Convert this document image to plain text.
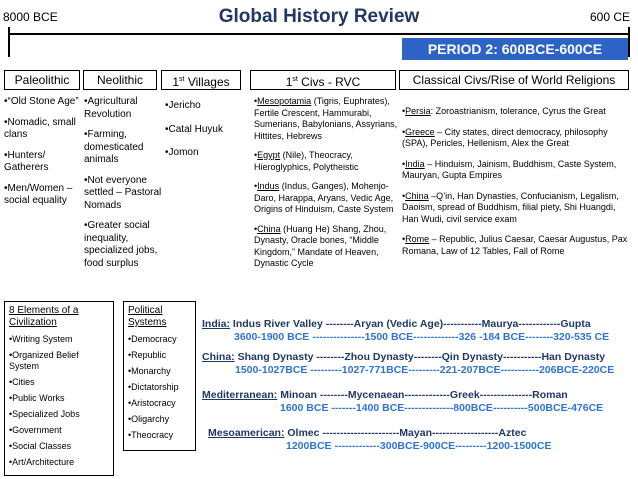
8000 BCE	Global History Review	600 CE
PERIOD 2: 600BCE-600CE
Paleolithic	Neolithic	1st Villages	1st Civs - RVC	Classical Civs/Rise of World Religions

•“Old Stone Age”

•Nomadic, small clans

•Hunters/ Gatherers

•Men/Women – social equality

•Agricultural Revolution

•Farming, domesticated animals

•Not everyone settled – Pastoral Nomads

•Greater social inequality, specialized jobs, food surplus

•Jericho

•Catal Huyuk

•Jomon

•Mesopotamia (Tigris, Euphrates), Fertile Crescent, Hammurabi, Sumerians, Babylonians, Assyrians, Hittites, Hebrews

•Egypt (Nile), Theocracy, Hieroglyphics, Polytheistic

•Indus (Indus, Ganges), Mohenjo-Daro, Harappa, Aryans, Vedic Age, Origins of Hinduism, Caste System

•China (Huang He) Shang, Zhou, Dynasty, Oracle bones, “Middle Kingdom,” Mandate of Heaven, Dynastic Cycle

•Persia: Zoroastrianism, tolerance, Cyrus the Great

•Greece – City states, direct democracy, philosophy (SPA), Pericles, Hellenism, Alex the Great

•India – Hinduism, Jainism, Buddhism, Caste System, Mauryan, Gupta Empires

•China –Q’in, Han Dynasties, Confucianism, Legalism, Daoism, spread of Buddhism, filial piety, Shi Huangdi, Han Wudi, civil service exam

•Rome – Republic, Julius Caesar, Caesar Augustus, Pax Romana, Law of 12 Tables, Fall of Rome

8 Elements of a Civilization
•Writing System
•Organized Belief System
•Cities
•Public Works
•Specialized Jobs
•Government
•Social Classes
•Art/Architecture
Political Systems
•Democracy
•Republic
•Monarchy
•Dictatorship
•Aristocracy
•Oligarchy
•Theocracy
India: Indus River Valley --------Aryan (Vedic Age)-----------Maurya------------Gupta
3600-1900 BCE ---------------1500 BCE-------------326 -184 BCE--------320-535 CE
China: Shang Dynasty --------Zhou Dynasty--------Qin Dynasty-----------Han Dynasty
1500-1027BCE ---------1027-771BCE---------221-207BCE-----------206BCE-220CE
Mediterranean: Minoan --------Mycenaean-------------Greek---------------Roman
1600 BCE -------1400 BCE--------------800BCE----------500BCE-476CE
Mesoamerican: Olmec ----------------------Mayan-------------------Aztec
1200BCE -------------300BCE-900CE---------1200-1500CE
